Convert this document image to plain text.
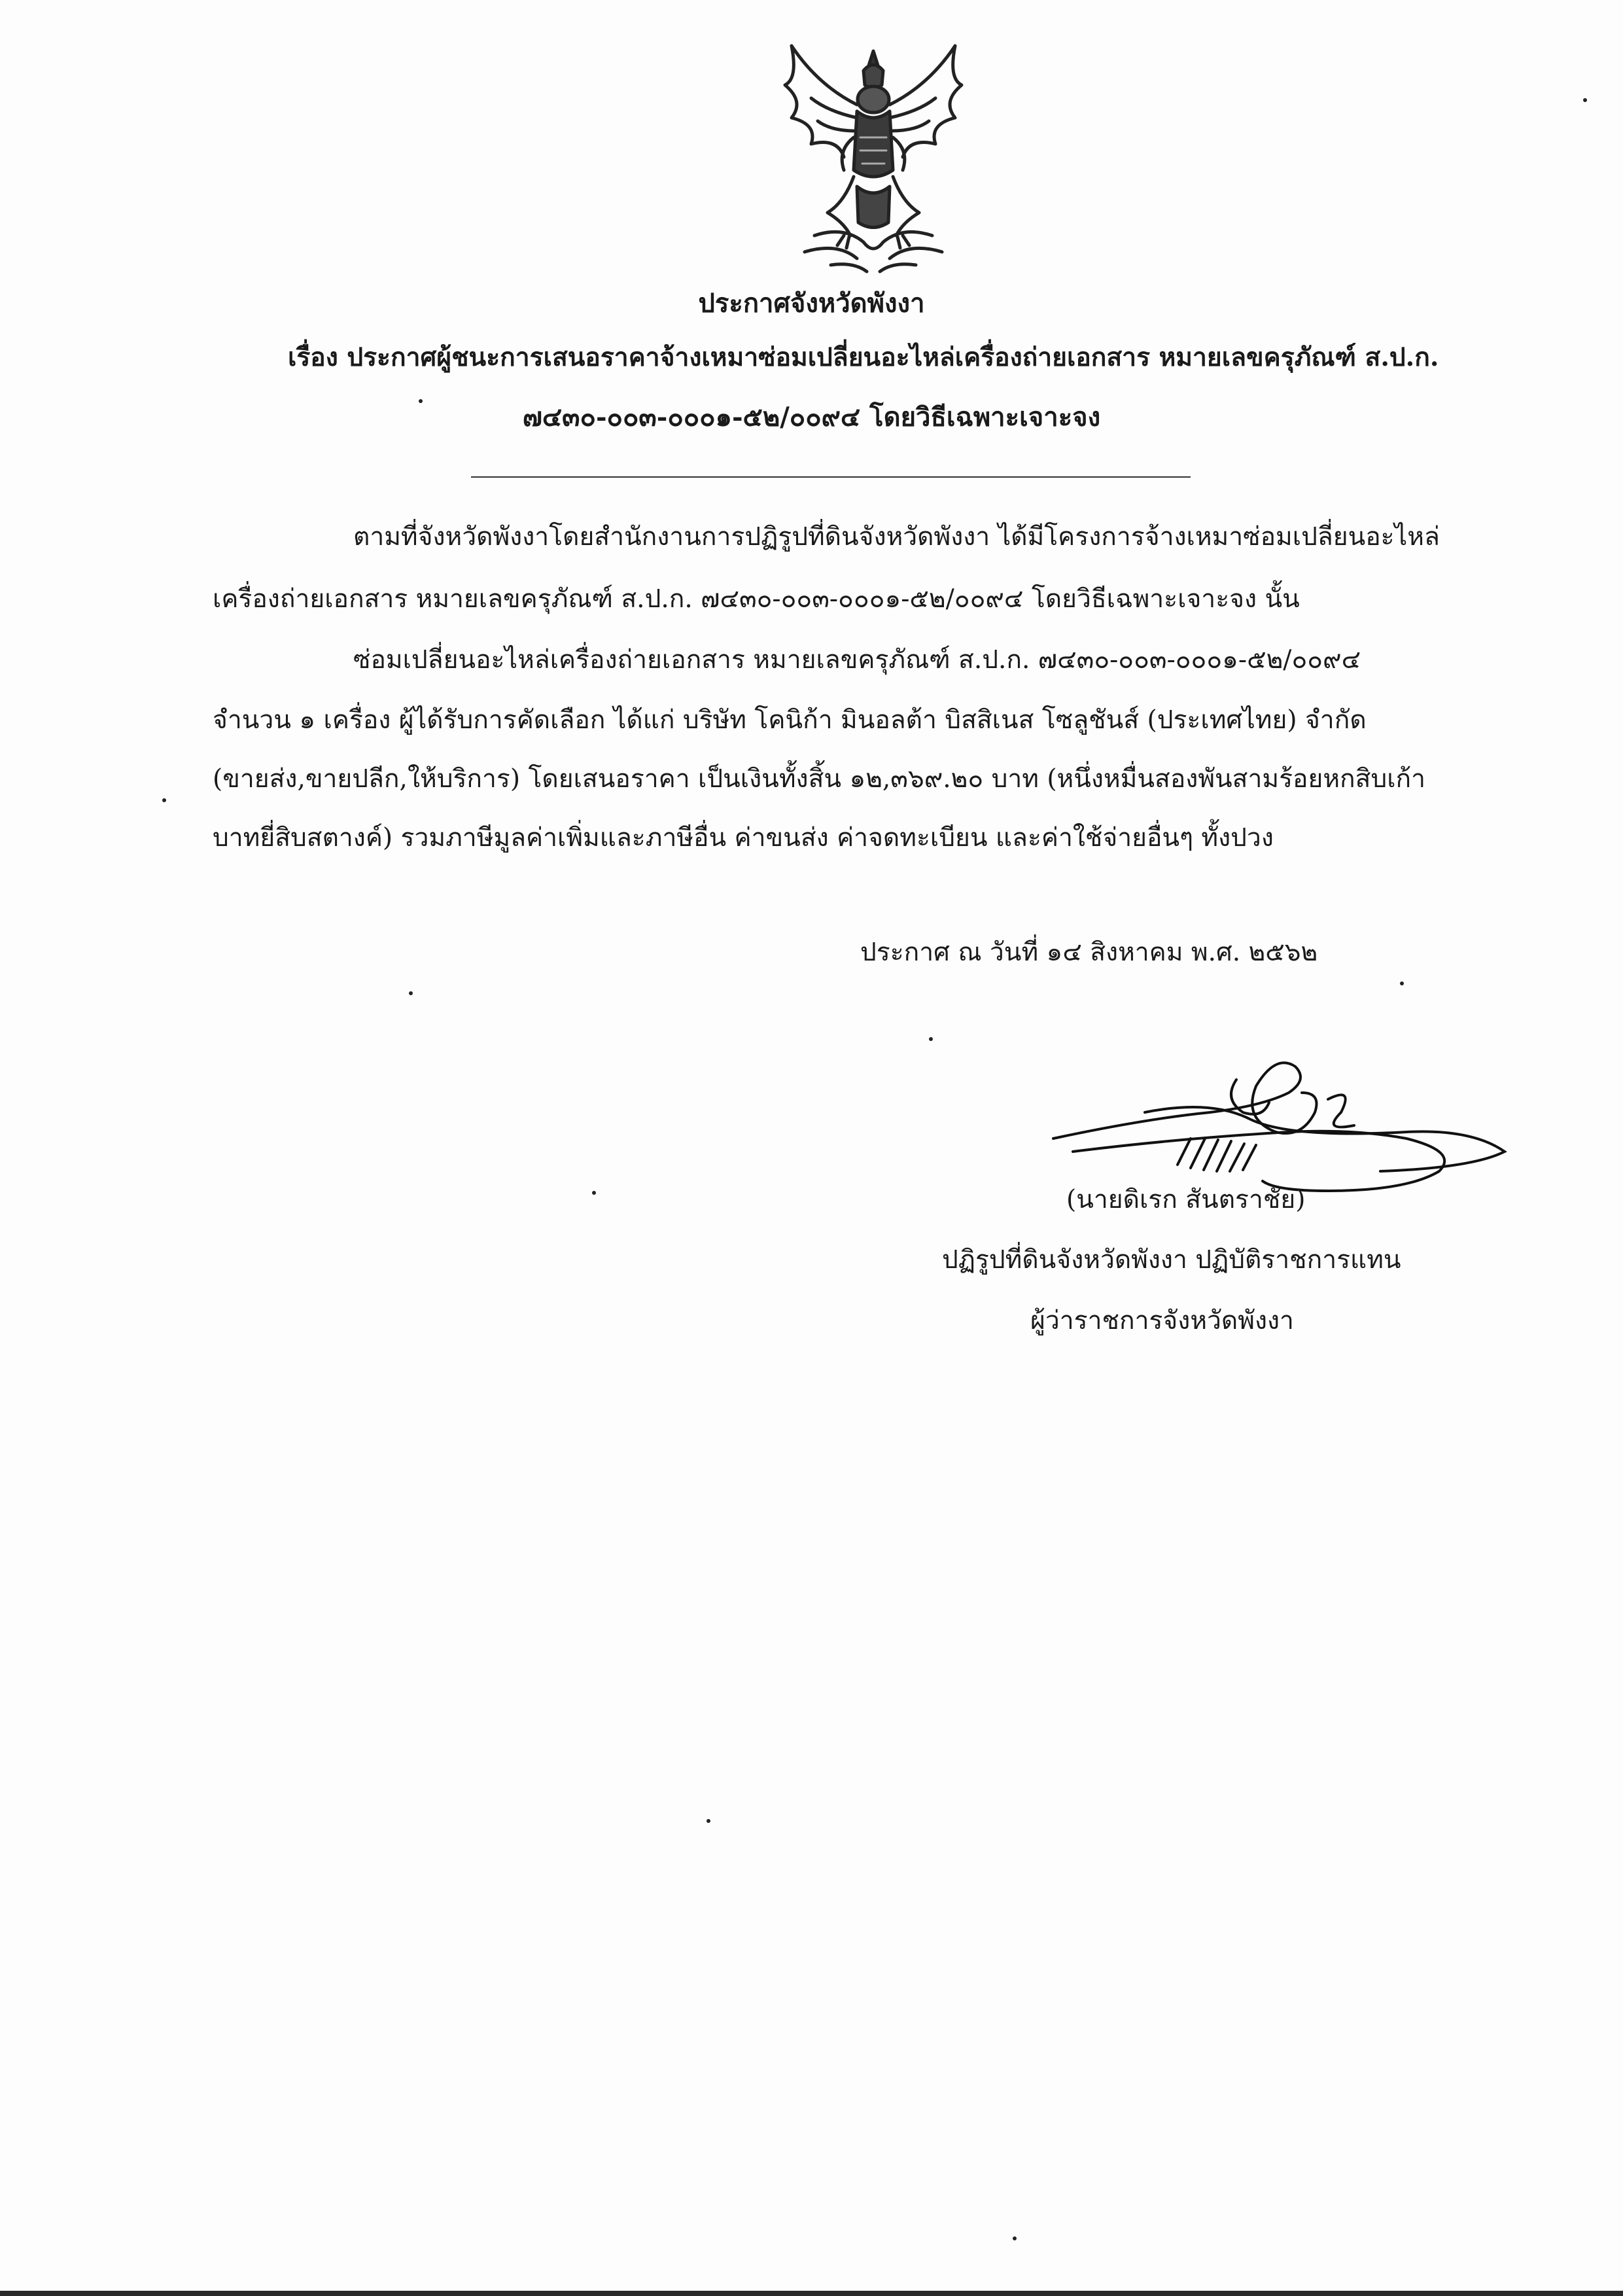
ประกาศจังหวัดพังงา
เรื่อง ประกาศผู้ชนะการเสนอราคาจ้างเหมาซ่อมเปลี่ยนอะไหล่เครื่องถ่ายเอกสาร หมายเลขครุภัณฑ์ ส.ป.ก.
๗๔๓๐-๐๐๓-๐๐๐๑-๕๒/๐๐๙๔ โดยวิธีเฉพาะเจาะจง
ตามที่จังหวัดพังงาโดยสำนักงานการปฏิรูปที่ดินจังหวัดพังงา ได้มีโครงการจ้างเหมาซ่อมเปลี่ยนอะไหล่
เครื่องถ่ายเอกสาร หมายเลขครุภัณฑ์ ส.ป.ก. ๗๔๓๐-๐๐๓-๐๐๐๑-๕๒/๐๐๙๔ โดยวิธีเฉพาะเจาะจง นั้น
ซ่อมเปลี่ยนอะไหล่เครื่องถ่ายเอกสาร หมายเลขครุภัณฑ์ ส.ป.ก. ๗๔๓๐-๐๐๓-๐๐๐๑-๕๒/๐๐๙๔
จำนวน ๑ เครื่อง ผู้ได้รับการคัดเลือก ได้แก่ บริษัท โคนิก้า มินอลต้า บิสสิเนส โซลูชันส์ (ประเทศไทย) จำกัด
(ขายส่ง,ขายปลีก,ให้บริการ) โดยเสนอราคา เป็นเงินทั้งสิ้น ๑๒,๓๖๙.๒๐ บาท (หนึ่งหมื่นสองพันสามร้อยหกสิบเก้า
บาทยี่สิบสตางค์) รวมภาษีมูลค่าเพิ่มและภาษีอื่น ค่าขนส่ง ค่าจดทะเบียน และค่าใช้จ่ายอื่นๆ ทั้งปวง
ประกาศ ณ วันที่ ๑๔ สิงหาคม พ.ศ. ๒๕๖๒
(นายดิเรก สันตราชัย)
ปฏิรูปที่ดินจังหวัดพังงา ปฏิบัติราชการแทน
ผู้ว่าราชการจังหวัดพังงา
